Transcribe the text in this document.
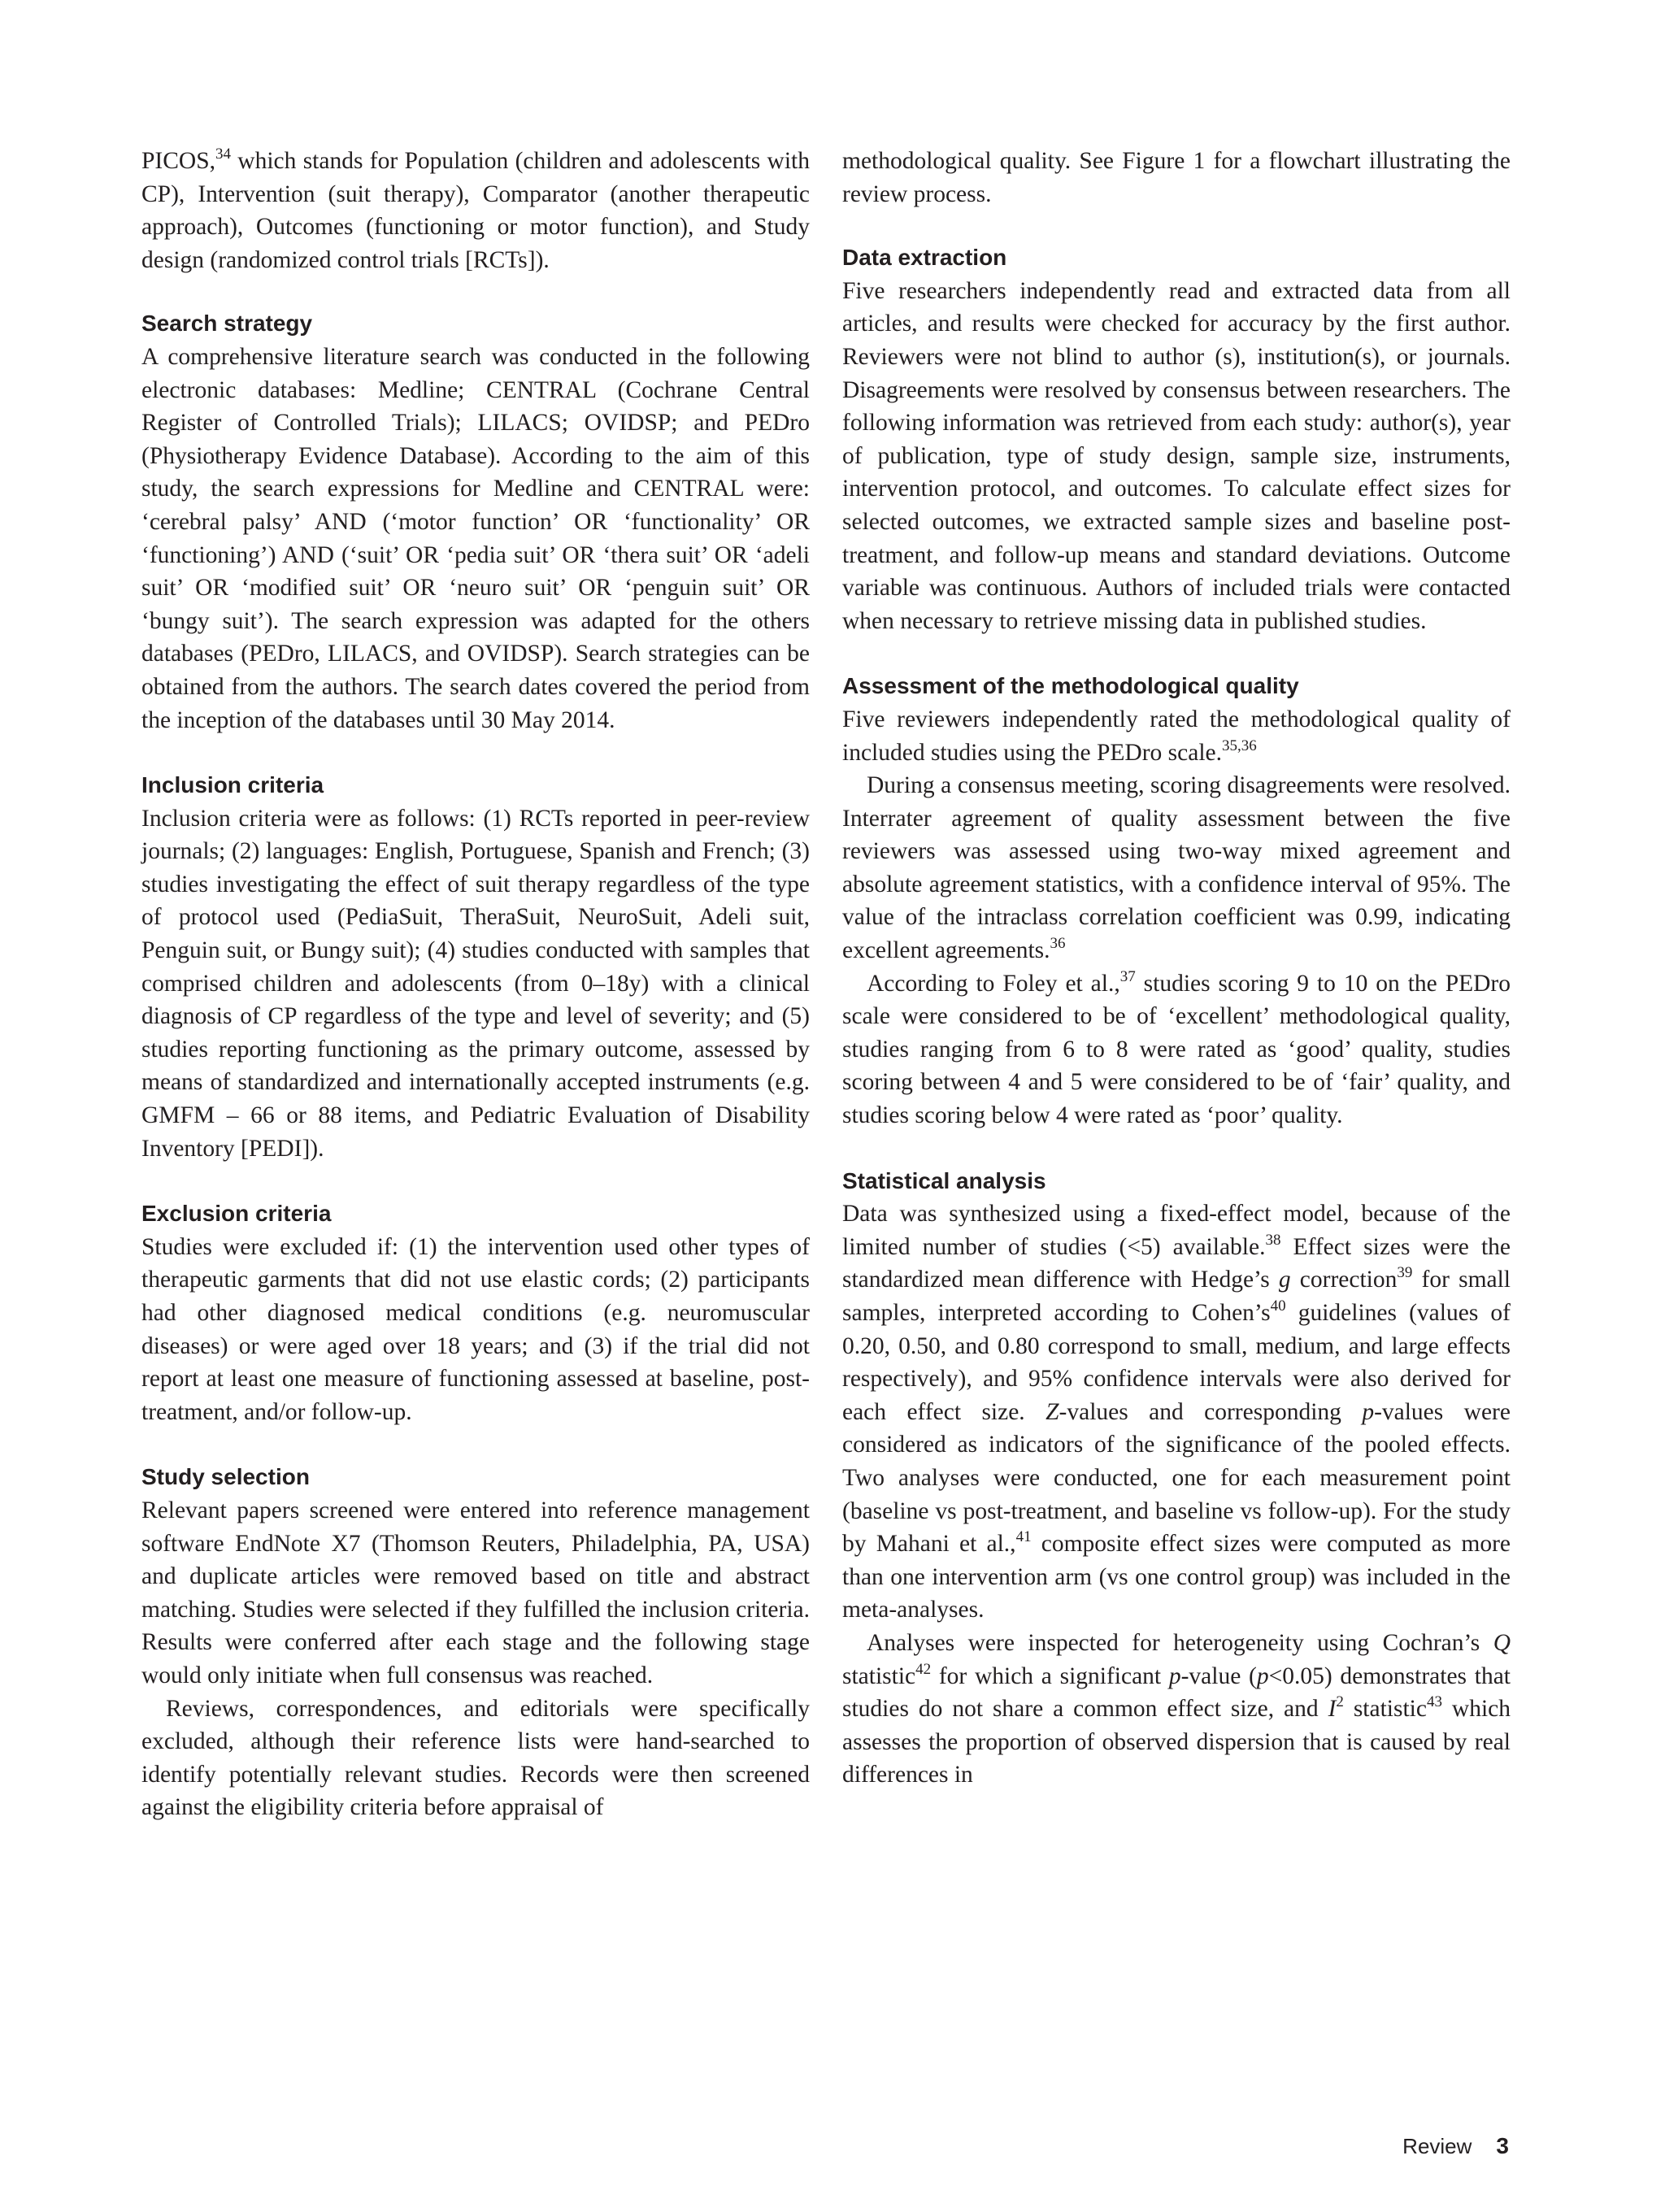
PICOS,$^{34}$ which stands for Population (children and adolescents with CP), Intervention (suit therapy), Comparator (another therapeutic approach), Outcomes (functioning or motor function), and Study design (randomized control trials [RCTs]).

Search strategy

A comprehensive literature search was conducted in the following electronic databases: Medline; CENTRAL (Cochrane Central Register of Controlled Trials); LILACS; OVIDSP; and PEDro (Physiotherapy Evidence Database). According to the aim of this study, the search expressions for Medline and CENTRAL were: ‘cerebral palsy’ AND (‘motor function’ OR ‘functionality’ OR ‘functioning’) AND (‘suit’ OR ‘pedia suit’ OR ‘thera suit’ OR ‘adeli suit’ OR ‘modified suit’ OR ‘neuro suit’ OR ‘penguin suit’ OR ‘bungy suit’). The search expression was adapted for the others databases (PEDro, LILACS, and OVIDSP). Search strategies can be obtained from the authors. The search dates covered the period from the inception of the databases until 30 May 2014.

Inclusion criteria

Inclusion criteria were as follows: (1) RCTs reported in peer-review journals; (2) languages: English, Portuguese, Spanish and French; (3) studies investigating the effect of suit therapy regardless of the type of protocol used (PediaSuit, TheraSuit, NeuroSuit, Adeli suit, Penguin suit, or Bungy suit); (4) studies conducted with samples that comprised children and adolescents (from 0–18y) with a clinical diagnosis of CP regardless of the type and level of severity; and (5) studies reporting functioning as the primary outcome, assessed by means of standardized and internationally accepted instruments (e.g. GMFM – 66 or 88 items, and Pediatric Evaluation of Disability Inventory [PEDI]).

Exclusion criteria

Studies were excluded if: (1) the intervention used other types of therapeutic garments that did not use elastic cords; (2) participants had other diagnosed medical conditions (e.g. neuromuscular diseases) or were aged over 18 years; and (3) if the trial did not report at least one measure of functioning assessed at baseline, post-treatment, and/or follow-up.

Study selection

Relevant papers screened were entered into reference management software EndNote X7 (Thomson Reuters, Philadelphia, PA, USA) and duplicate articles were removed based on title and abstract matching. Studies were selected if they fulfilled the inclusion criteria. Results were conferred after each stage and the following stage would only initiate when full consensus was reached.

Reviews, correspondences, and editorials were specifically excluded, although their reference lists were hand-searched to identify potentially relevant studies. Records were then screened against the eligibility criteria before appraisal of

methodological quality. See Figure 1 for a flowchart illustrating the review process.

Data extraction

Five researchers independently read and extracted data from all articles, and results were checked for accuracy by the first author. Reviewers were not blind to author (s), institution(s), or journals. Disagreements were resolved by consensus between researchers. The following information was retrieved from each study: author(s), year of publication, type of study design, sample size, instruments, intervention protocol, and outcomes. To calculate effect sizes for selected outcomes, we extracted sample sizes and baseline post-treatment, and follow-up means and standard deviations. Outcome variable was continuous. Authors of included trials were contacted when necessary to retrieve missing data in published studies.

Assessment of the methodological quality

Five reviewers independently rated the methodological quality of included studies using the PEDro scale.$^{35,36}$

During a consensus meeting, scoring disagreements were resolved. Interrater agreement of quality assessment between the five reviewers was assessed using two-way mixed agreement and absolute agreement statistics, with a confidence interval of 95%. The value of the intraclass correlation coefficient was 0.99, indicating excellent agreements.$^{36}$

According to Foley et al.,$^{37}$ studies scoring 9 to 10 on the PEDro scale were considered to be of ‘excellent’ methodological quality, studies ranging from 6 to 8 were rated as ‘good’ quality, studies scoring between 4 and 5 were considered to be of ‘fair’ quality, and studies scoring below 4 were rated as ‘poor’ quality.

Statistical analysis

Data was synthesized using a fixed-effect model, because of the limited number of studies (<5) available.$^{38}$ Effect sizes were the standardized mean difference with Hedge’s g correction$^{39}$ for small samples, interpreted according to $Cohen’s^{40}$ guidelines (values of 0.20, 0.50, and 0.80 correspond to small, medium, and large effects respectively), and 95% confidence intervals were also derived for each effect size. Z-values and corresponding p-values were considered as indicators of the significance of the pooled effects. Two analyses were conducted, one for each measurement point (baseline vs post-treatment, and baseline vs follow-up). For the study by Mahani et al.,$^{41}$ composite effect sizes were computed as more than one intervention arm (vs one control group) was included in the meta-analyses.

Analyses were inspected for heterogeneity using Cochran’s Q statistic$^{42}$ for which a significant p-value (p<0.05) demonstrates that studies do not share a common effect size, and $I^2$ statistic$^{43}$ which assesses the proportion of observed dispersion that is caused by real differences in

Review 3
